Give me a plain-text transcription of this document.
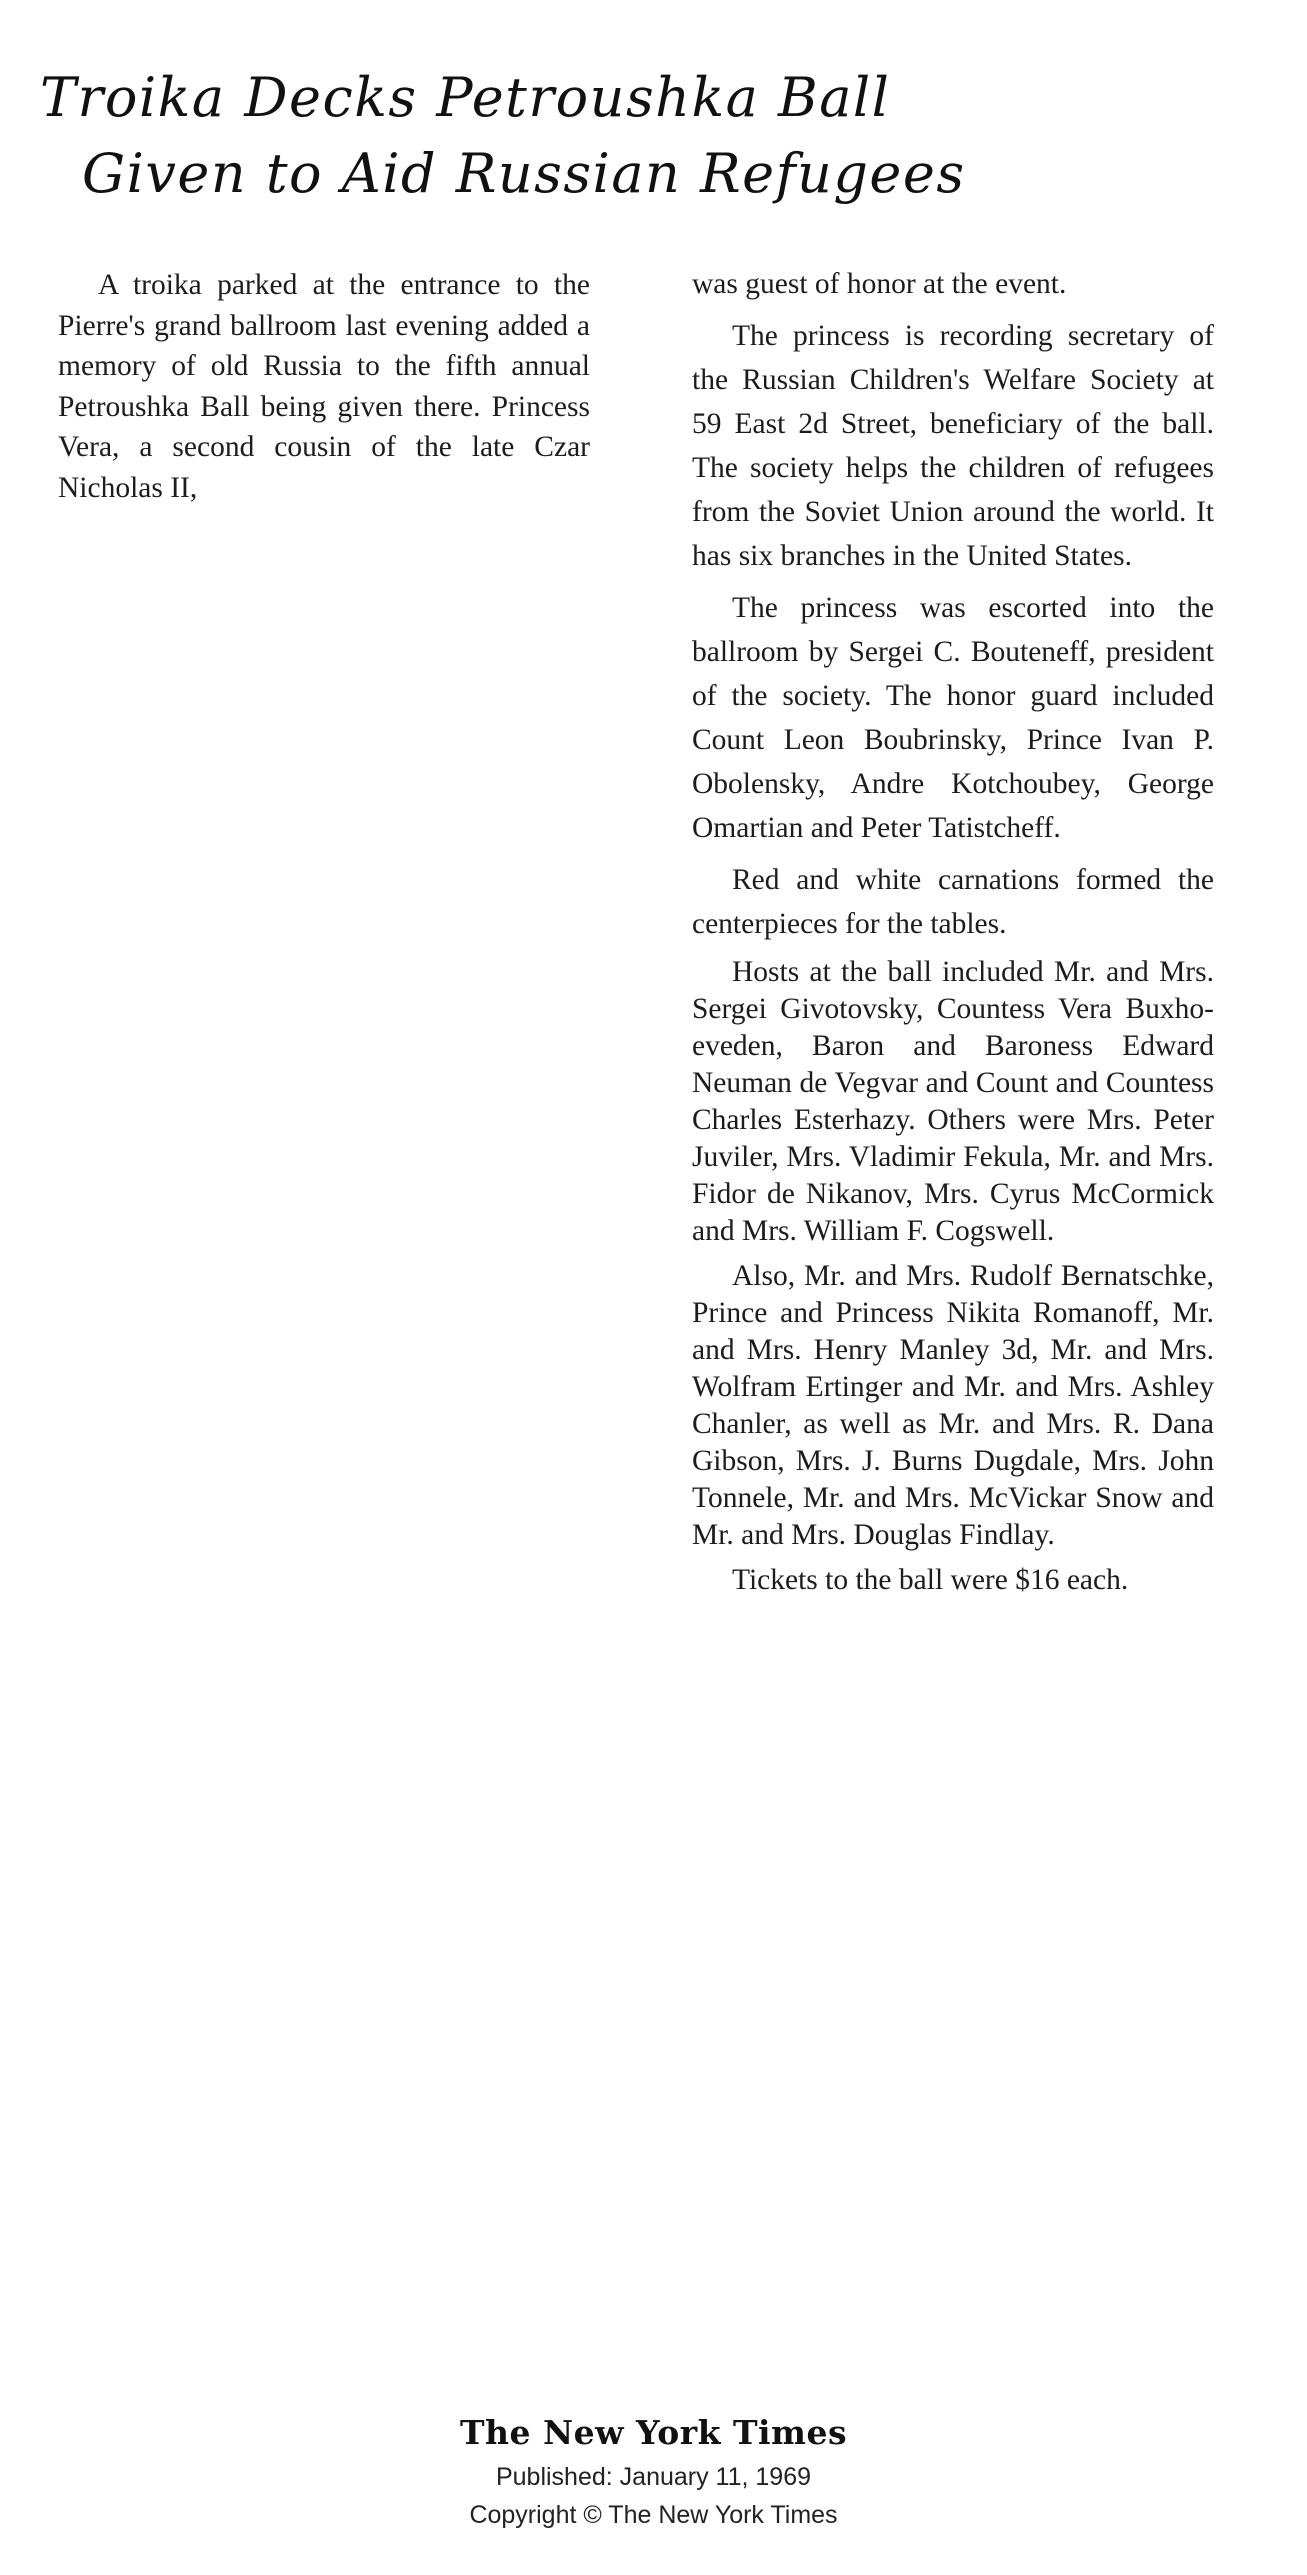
Troika Decks Petroushka Ball
Given to Aid Russian Refugees

A troika parked at the entrance to the Pierre's grand ballroom last evening added a memory of old Russia to the fifth annual Petroushka Ball being given there. Princess Vera, a second cousin of the late Czar Nicholas II,

was guest of honor at the event.

The princess is recording secretary of the Russian Children's Welfare Society at 59 East 2d Street, beneficiary of the ball. The society helps the children of refugees from the Soviet Union around the world. It has six branches in the United States.

The princess was escorted into the ballroom by Sergei C. Bouteneff, president of the society. The honor guard included Count Leon Boubrinsky, Prince Ivan P. Obolensky, Andre Kotchoubey, George Omartian and Peter Tatistcheff.

Red and white carnations formed the centerpieces for the tables.

Hosts at the ball included Mr. and Mrs. Sergei Givotovsky, Countess Vera Buxhoeveden, Baron and Baroness Edward Neuman de Vegvar and Count and Countess Charles Esterhazy. Others were Mrs. Peter Juviler, Mrs. Vladimir Fekula, Mr. and Mrs. Fidor de Nikanov, Mrs. Cyrus McCormick and Mrs. William F. Cogswell.

Also, Mr. and Mrs. Rudolf Bernatschke, Prince and Princess Nikita Romanoff, Mr. and Mrs. Henry Manley 3d, Mr. and Mrs. Wolfram Ertinger and Mr. and Mrs. Ashley Chanler, as well as Mr. and Mrs. R. Dana Gibson, Mrs. J. Burns Dugdale, Mrs. John Tonnele, Mr. and Mrs. McVickar Snow and Mr. and Mrs. Douglas Findlay.

Tickets to the ball were $16 each.

The New York Times
Published: January 11, 1969
Copyright © The New York Times
